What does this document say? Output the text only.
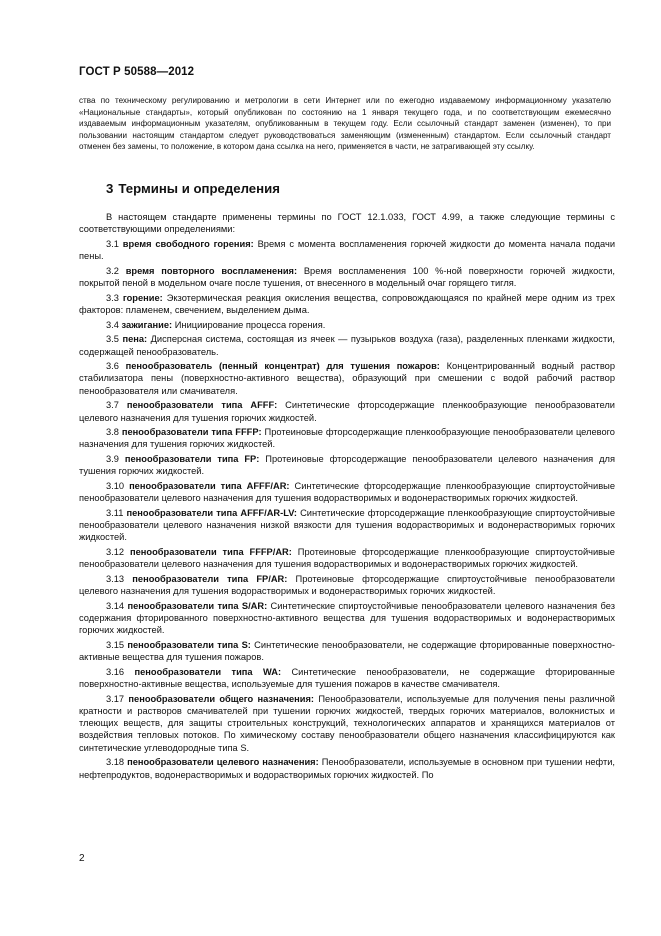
ГОСТ Р 50588—2012
ства по техническому регулированию и метрологии в сети Интернет или по ежегодно издаваемому информационному указателю «Национальные стандарты», который опубликован по состоянию на 1 января текущего года, и по соответствующим ежемесячно издаваемым информационным указателям, опубликованным в текущем году. Если ссылочный стандарт заменен (изменен), то при пользовании настоящим стандартом следует руководствоваться заменяющим (измененным) стандартом. Если ссылочный стандарт отменен без замены, то положение, в котором дана ссылка на него, применяется в части, не затрагивающей эту ссылку.
3 Термины и определения

В настоящем стандарте применены термины по ГОСТ 12.1.033, ГОСТ 4.99, а также следующие термины с соответствующими определениями:

3.1 время свободного горения: Время с момента воспламенения горючей жидкости до момента начала подачи пены.

3.2 время повторного воспламенения: Время воспламенения 100 %-ной поверхности горючей жидкости, покрытой пеной в модельном очаге после тушения, от внесенного в модельный очаг горящего тигля.

3.3 горение: Экзотермическая реакция окисления вещества, сопровождающаяся по крайней мере одним из трех факторов: пламенем, свечением, выделением дыма.

3.4 зажигание: Инициирование процесса горения.

3.5 пена: Дисперсная система, состоящая из ячеек — пузырьков воздуха (газа), разделенных пленками жидкости, содержащей пенообразователь.

3.6 пенообразователь (пенный концентрат) для тушения пожаров: Концентрированный водный раствор стабилизатора пены (поверхностно-активного вещества), образующий при смешении с водой рабочий раствор пенообразователя или смачивателя.

3.7 пенообразователи типа AFFF: Синтетические фторсодержащие пленкообразующие пенообразователи целевого назначения для тушения горючих жидкостей.

3.8 пенообразователи типа FFFP: Протеиновые фторсодержащие пленкообразующие пенообразователи целевого назначения для тушения горючих жидкостей.

3.9 пенообразователи типа FP: Протеиновые фторсодержащие пенообразователи целевого назначения для тушения горючих жидкостей.

3.10 пенообразователи типа AFFF/AR: Синтетические фторсодержащие пленкообразующие спиртоустойчивые пенообразователи целевого назначения для тушения водорастворимых и водонерастворимых горючих жидкостей.

3.11 пенообразователи типа AFFF/AR-LV: Синтетические фторсодержащие пленкообразующие спиртоустойчивые пенообразователи целевого назначения низкой вязкости для тушения водорастворимых и водонерастворимых горючих жидкостей.

3.12 пенообразователи типа FFFP/AR: Протеиновые фторсодержащие пленкообразующие спиртоустойчивые пенообразователи целевого назначения для тушения водорастворимых и водонерастворимых горючих жидкостей.

3.13 пенообразователи типа FP/AR: Протеиновые фторсодержащие спиртоустойчивые пенообразователи целевого назначения для тушения водорастворимых и водонерастворимых горючих жидкостей.

3.14 пенообразователи типа S/AR: Синтетические спиртоустойчивые пенообразователи целевого назначения без содержания фторированного поверхностно-активного вещества для тушения водорастворимых и водонерастворимых горючих жидкостей.

3.15 пенообразователи типа S: Синтетические пенообразователи, не содержащие фторированные поверхностно-активные вещества для тушения пожаров.

3.16 пенообразователи типа WA: Синтетические пенообразователи, не содержащие фторированные поверхностно-активные вещества, используемые для тушения пожаров в качестве смачивателя.

3.17 пенообразователи общего назначения: Пенообразователи, используемые для получения пены различной кратности и растворов смачивателей при тушении горючих жидкостей, твердых горючих материалов, волокнистых и тлеющих веществ, для защиты строительных конструкций, технологических аппаратов и хранящихся материалов от воздействия тепловых потоков. По химическому составу пенообразователи общего назначения классифицируются как синтетические углеводородные типа S.

3.18 пенообразователи целевого назначения: Пенообразователи, используемые в основном при тушении нефти, нефтепродуктов, водонерастворимых и водорастворимых горючих жидкостей. По

2
